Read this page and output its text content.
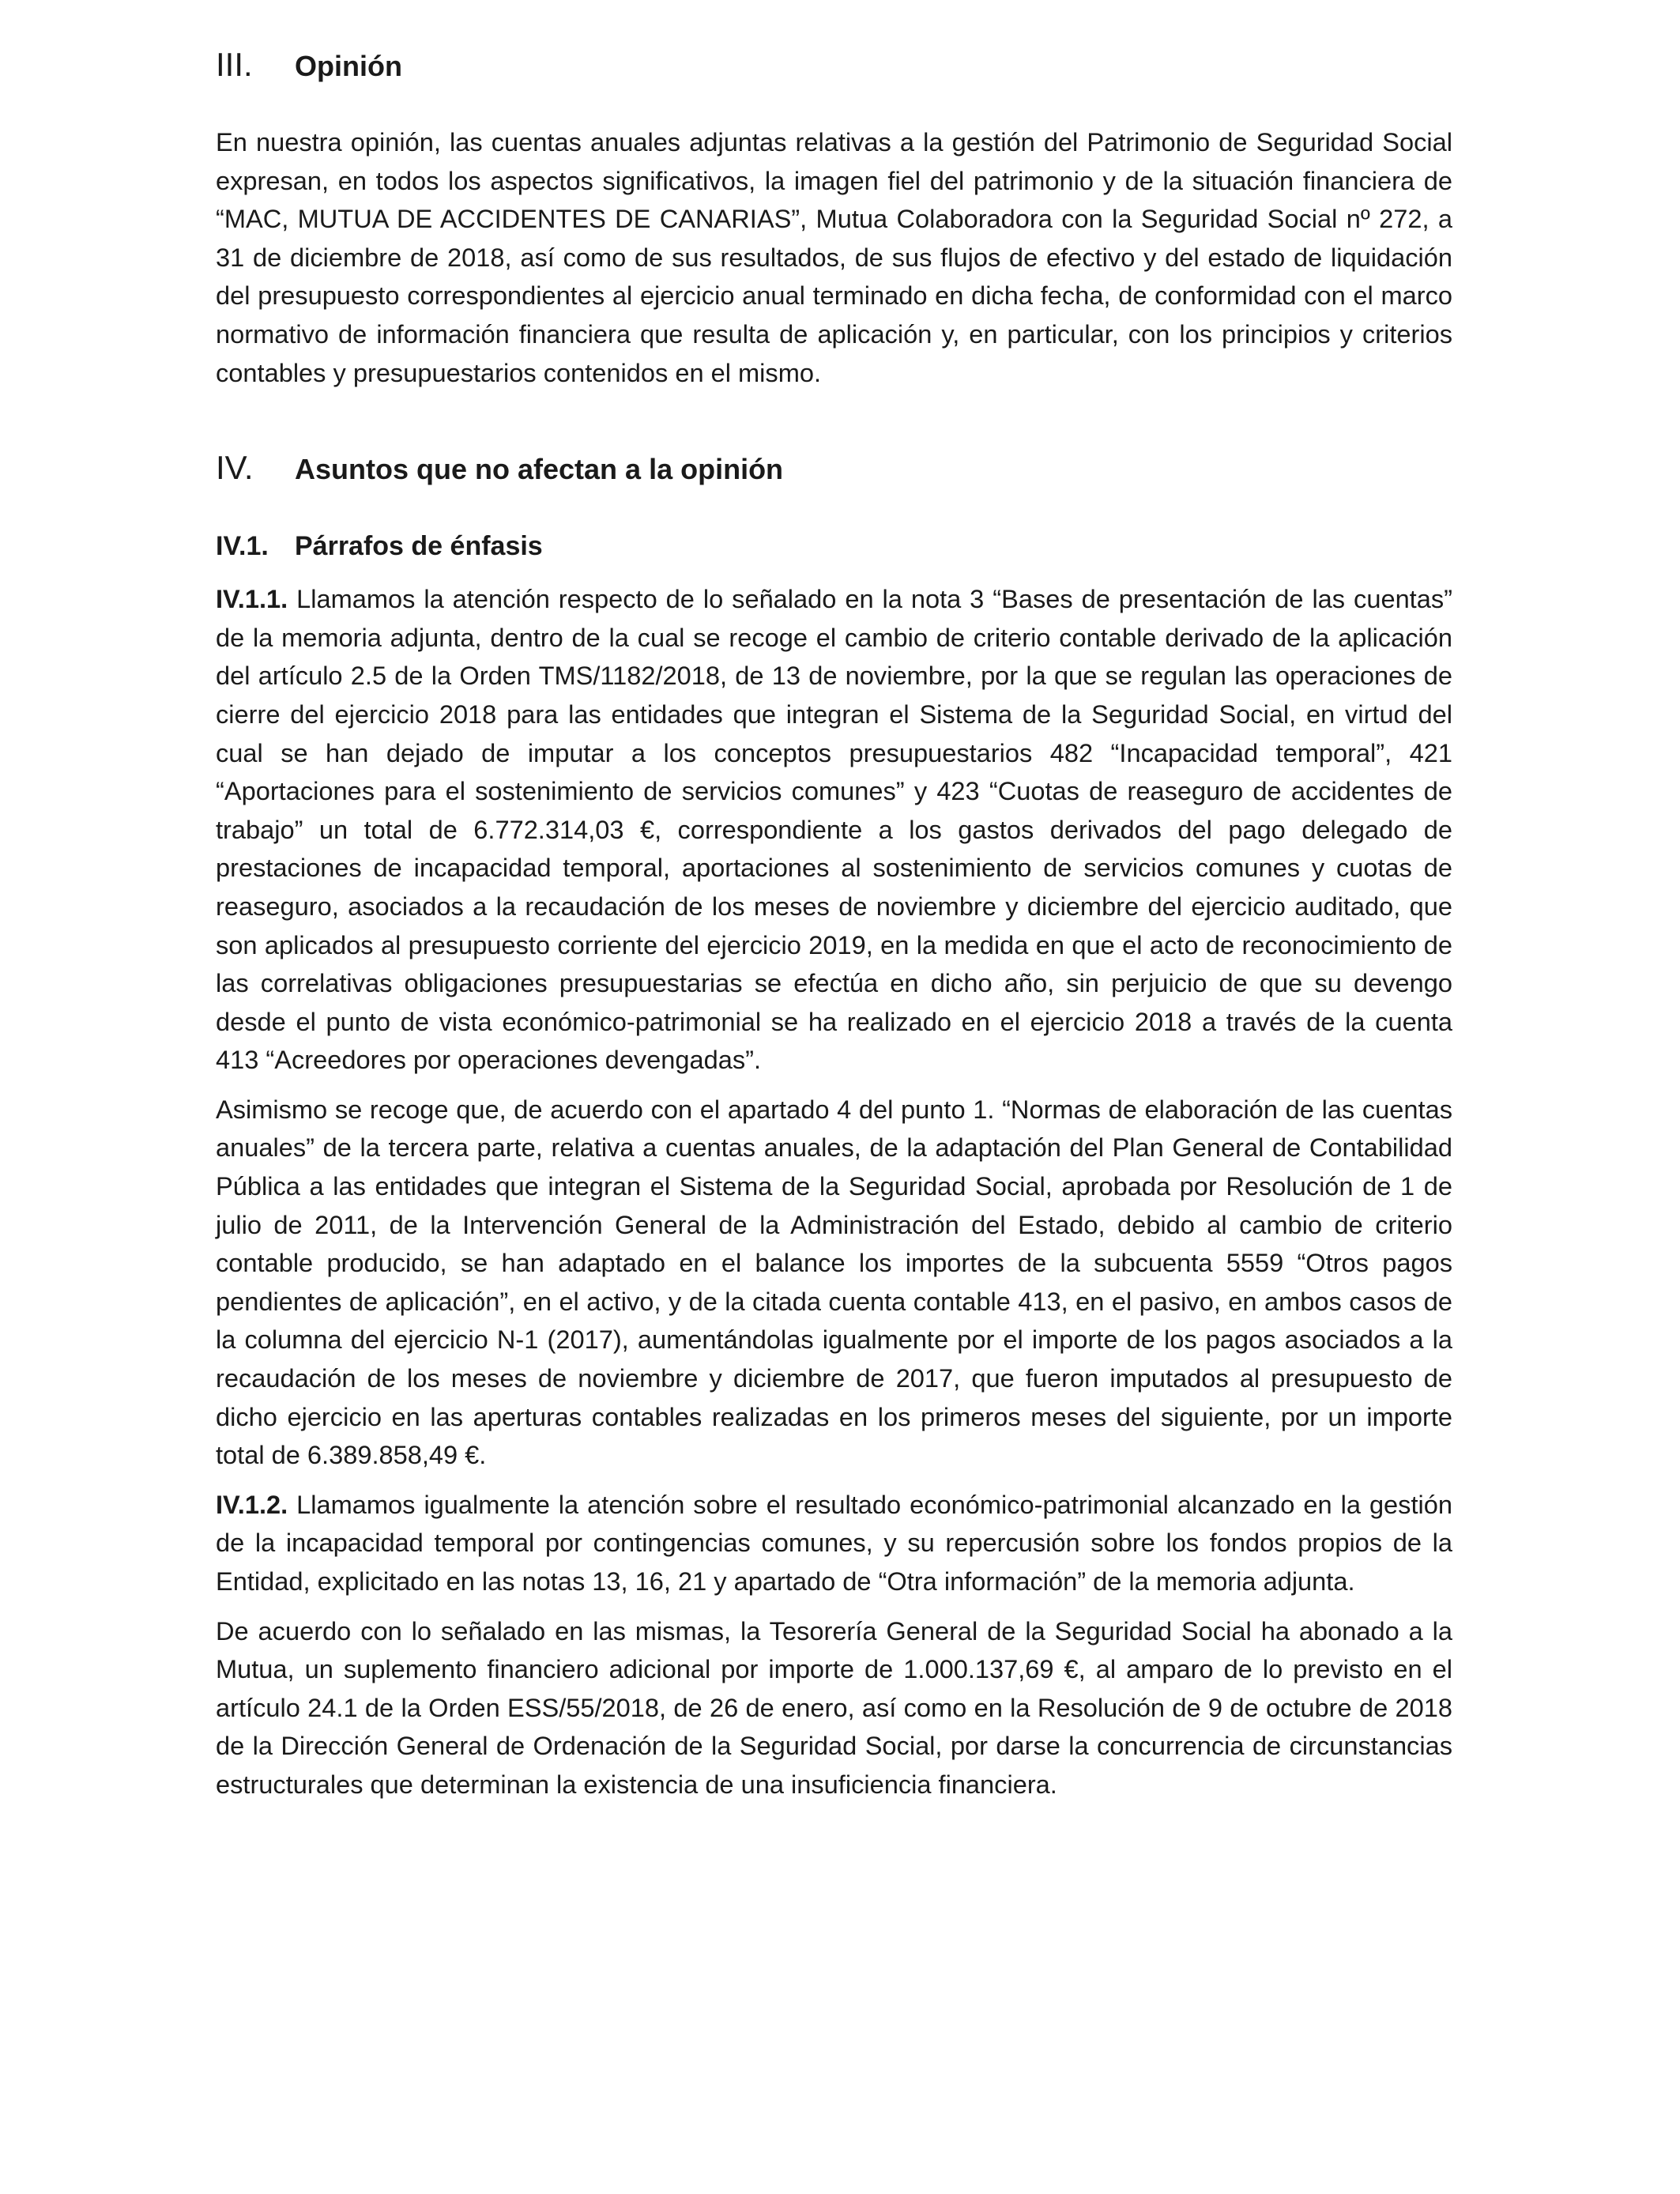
III.	Opinión

En nuestra opinión, las cuentas anuales adjuntas relativas a la gestión del Patrimonio de Seguridad Social expresan, en todos los aspectos significativos, la imagen fiel del patrimonio y de la situación financiera de “MAC, MUTUA DE ACCIDENTES DE CANARIAS”, Mutua Colaboradora con la Seguridad Social nº 272, a 31 de diciembre de 2018, así como de sus resultados, de sus flujos de efectivo y del estado de liquidación del presupuesto correspondientes al ejercicio anual terminado en dicha fecha, de conformidad con el marco normativo de información financiera que resulta de aplicación y, en particular, con los principios y criterios contables y presupuestarios contenidos en el mismo.

IV.	Asuntos que no afectan a la opinión
IV.1. Párrafos de énfasis

IV.1.1. Llamamos la atención respecto de lo señalado en la nota 3 “Bases de presentación de las cuentas” de la memoria adjunta, dentro de la cual se recoge el cambio de criterio contable derivado de la aplicación del artículo 2.5 de la Orden TMS/1182/2018, de 13 de noviembre, por la que se regulan las operaciones de cierre del ejercicio 2018 para las entidades que integran el Sistema de la Seguridad Social, en virtud del cual se han dejado de imputar a los conceptos presupuestarios 482 “Incapacidad temporal”, 421 “Aportaciones para el sostenimiento de servicios comunes” y 423 “Cuotas de reaseguro de accidentes de trabajo” un total de 6.772.314,03 €, correspondiente a los gastos derivados del pago delegado de prestaciones de incapacidad temporal, aportaciones al sostenimiento de servicios comunes y cuotas de reaseguro, asociados a la recaudación de los meses de noviembre y diciembre del ejercicio auditado, que son aplicados al presupuesto corriente del ejercicio 2019, en la medida en que el acto de reconocimiento de las correlativas obligaciones presupuestarias se efectúa en dicho año, sin perjuicio de que su devengo desde el punto de vista económico-patrimonial se ha realizado en el ejercicio 2018 a través de la cuenta 413 “Acreedores por operaciones devengadas”.

Asimismo se recoge que, de acuerdo con el apartado 4 del punto 1. “Normas de elaboración de las cuentas anuales” de la tercera parte, relativa a cuentas anuales, de la adaptación del Plan General de Contabilidad Pública a las entidades que integran el Sistema de la Seguridad Social, aprobada por Resolución de 1 de julio de 2011, de la Intervención General de la Administración del Estado, debido al cambio de criterio contable producido, se han adaptado en el balance los importes de la subcuenta 5559 “Otros pagos pendientes de aplicación”, en el activo, y de la citada cuenta contable 413, en el pasivo, en ambos casos de la columna del ejercicio N-1 (2017), aumentándolas igualmente por el importe de los pagos asociados a la recaudación de los meses de noviembre y diciembre de 2017, que fueron imputados al presupuesto de dicho ejercicio en las aperturas contables realizadas en los primeros meses del siguiente, por un importe total de 6.389.858,49 €.

IV.1.2. Llamamos igualmente la atención sobre el resultado económico-patrimonial alcanzado en la gestión de la incapacidad temporal por contingencias comunes, y su repercusión sobre los fondos propios de la Entidad, explicitado en las notas 13, 16, 21 y apartado de “Otra información” de la memoria adjunta.

De acuerdo con lo señalado en las mismas, la Tesorería General de la Seguridad Social ha abonado a la Mutua, un suplemento financiero adicional por importe de 1.000.137,69 €, al amparo de lo previsto en el artículo 24.1 de la Orden ESS/55/2018, de 26 de enero, así como en la Resolución de 9 de octubre de 2018 de la Dirección General de Ordenación de la Seguridad Social, por darse la concurrencia de circunstancias estructurales que determinan la existencia de una insuficiencia financiera.
